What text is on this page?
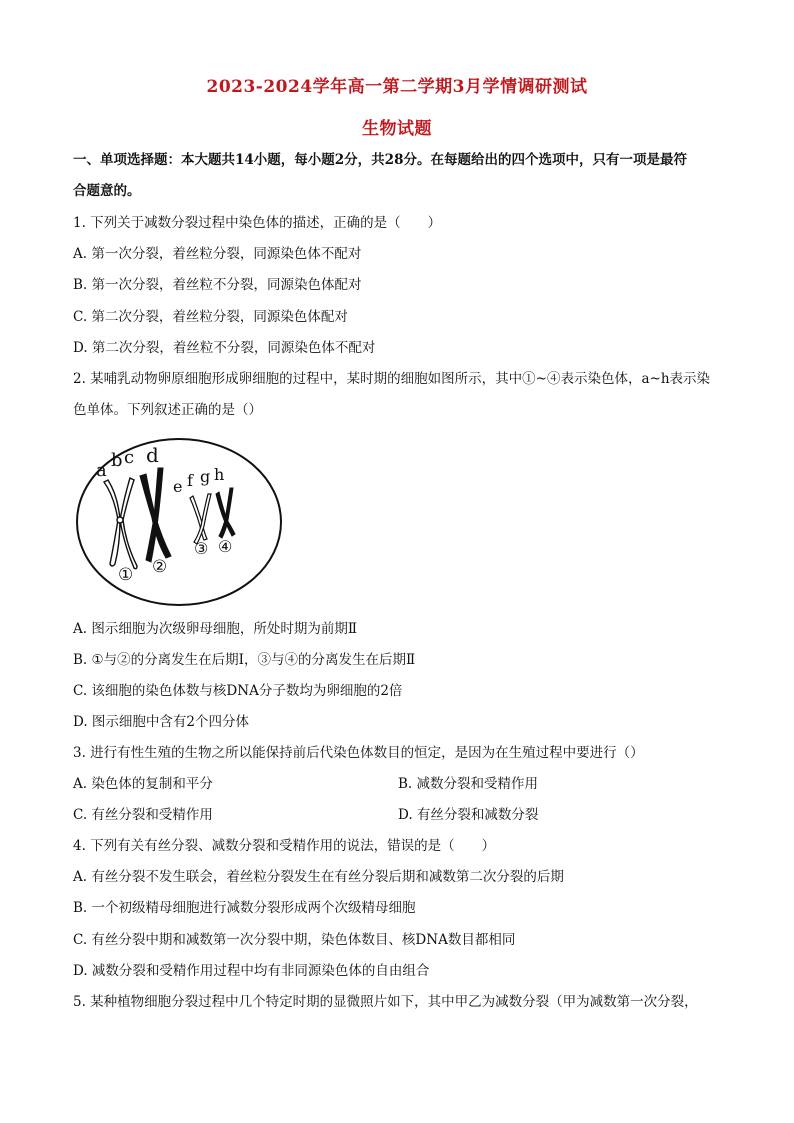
2023-2024学年高一第二学期3月学情调研测试
生物试题
一、单项选择题：本大题共14小题，每小题2分，共28分。在每题给出的四个选项中，只有一项是最符
合题意的。
1. 下列关于减数分裂过程中染色体的描述，正确的是（　　）
A. 第一次分裂，着丝粒分裂，同源染色体不配对
B. 第一次分裂，着丝粒不分裂，同源染色体配对
C. 第二次分裂，着丝粒分裂，同源染色体配对
D. 第二次分裂，着丝粒不分裂，同源染色体不配对
2. 某哺乳动物卵原细胞形成卵细胞的过程中，某时期的细胞如图所示，其中①~④表示染色体，a~h表示染
色单体。下列叙述正确的是（）
a b c d
e f g h
① ②
③ ④
A. 图示细胞为次级卵母细胞，所处时期为前期Ⅱ
B. ①与②的分离发生在后期Ⅰ，③与④的分离发生在后期Ⅱ
C. 该细胞的染色体数与核DNA分子数均为卵细胞的2倍
D. 图示细胞中含有2个四分体
3. 进行有性生殖的生物之所以能保持前后代染色体数目的恒定，是因为在生殖过程中要进行（）
A. 染色体的复制和平分	B. 减数分裂和受精作用
C. 有丝分裂和受精作用	D. 有丝分裂和减数分裂
4. 下列有关有丝分裂、减数分裂和受精作用的说法，错误的是（　　）
A. 有丝分裂不发生联会，着丝粒分裂发生在有丝分裂后期和减数第二次分裂的后期
B. 一个初级精母细胞进行减数分裂形成两个次级精母细胞
C. 有丝分裂中期和减数第一次分裂中期，染色体数目、核DNA数目都相同
D. 减数分裂和受精作用过程中均有非同源染色体的自由组合
5. 某种植物细胞分裂过程中几个特定时期的显微照片如下，其中甲乙为减数分裂（甲为减数第一次分裂，
